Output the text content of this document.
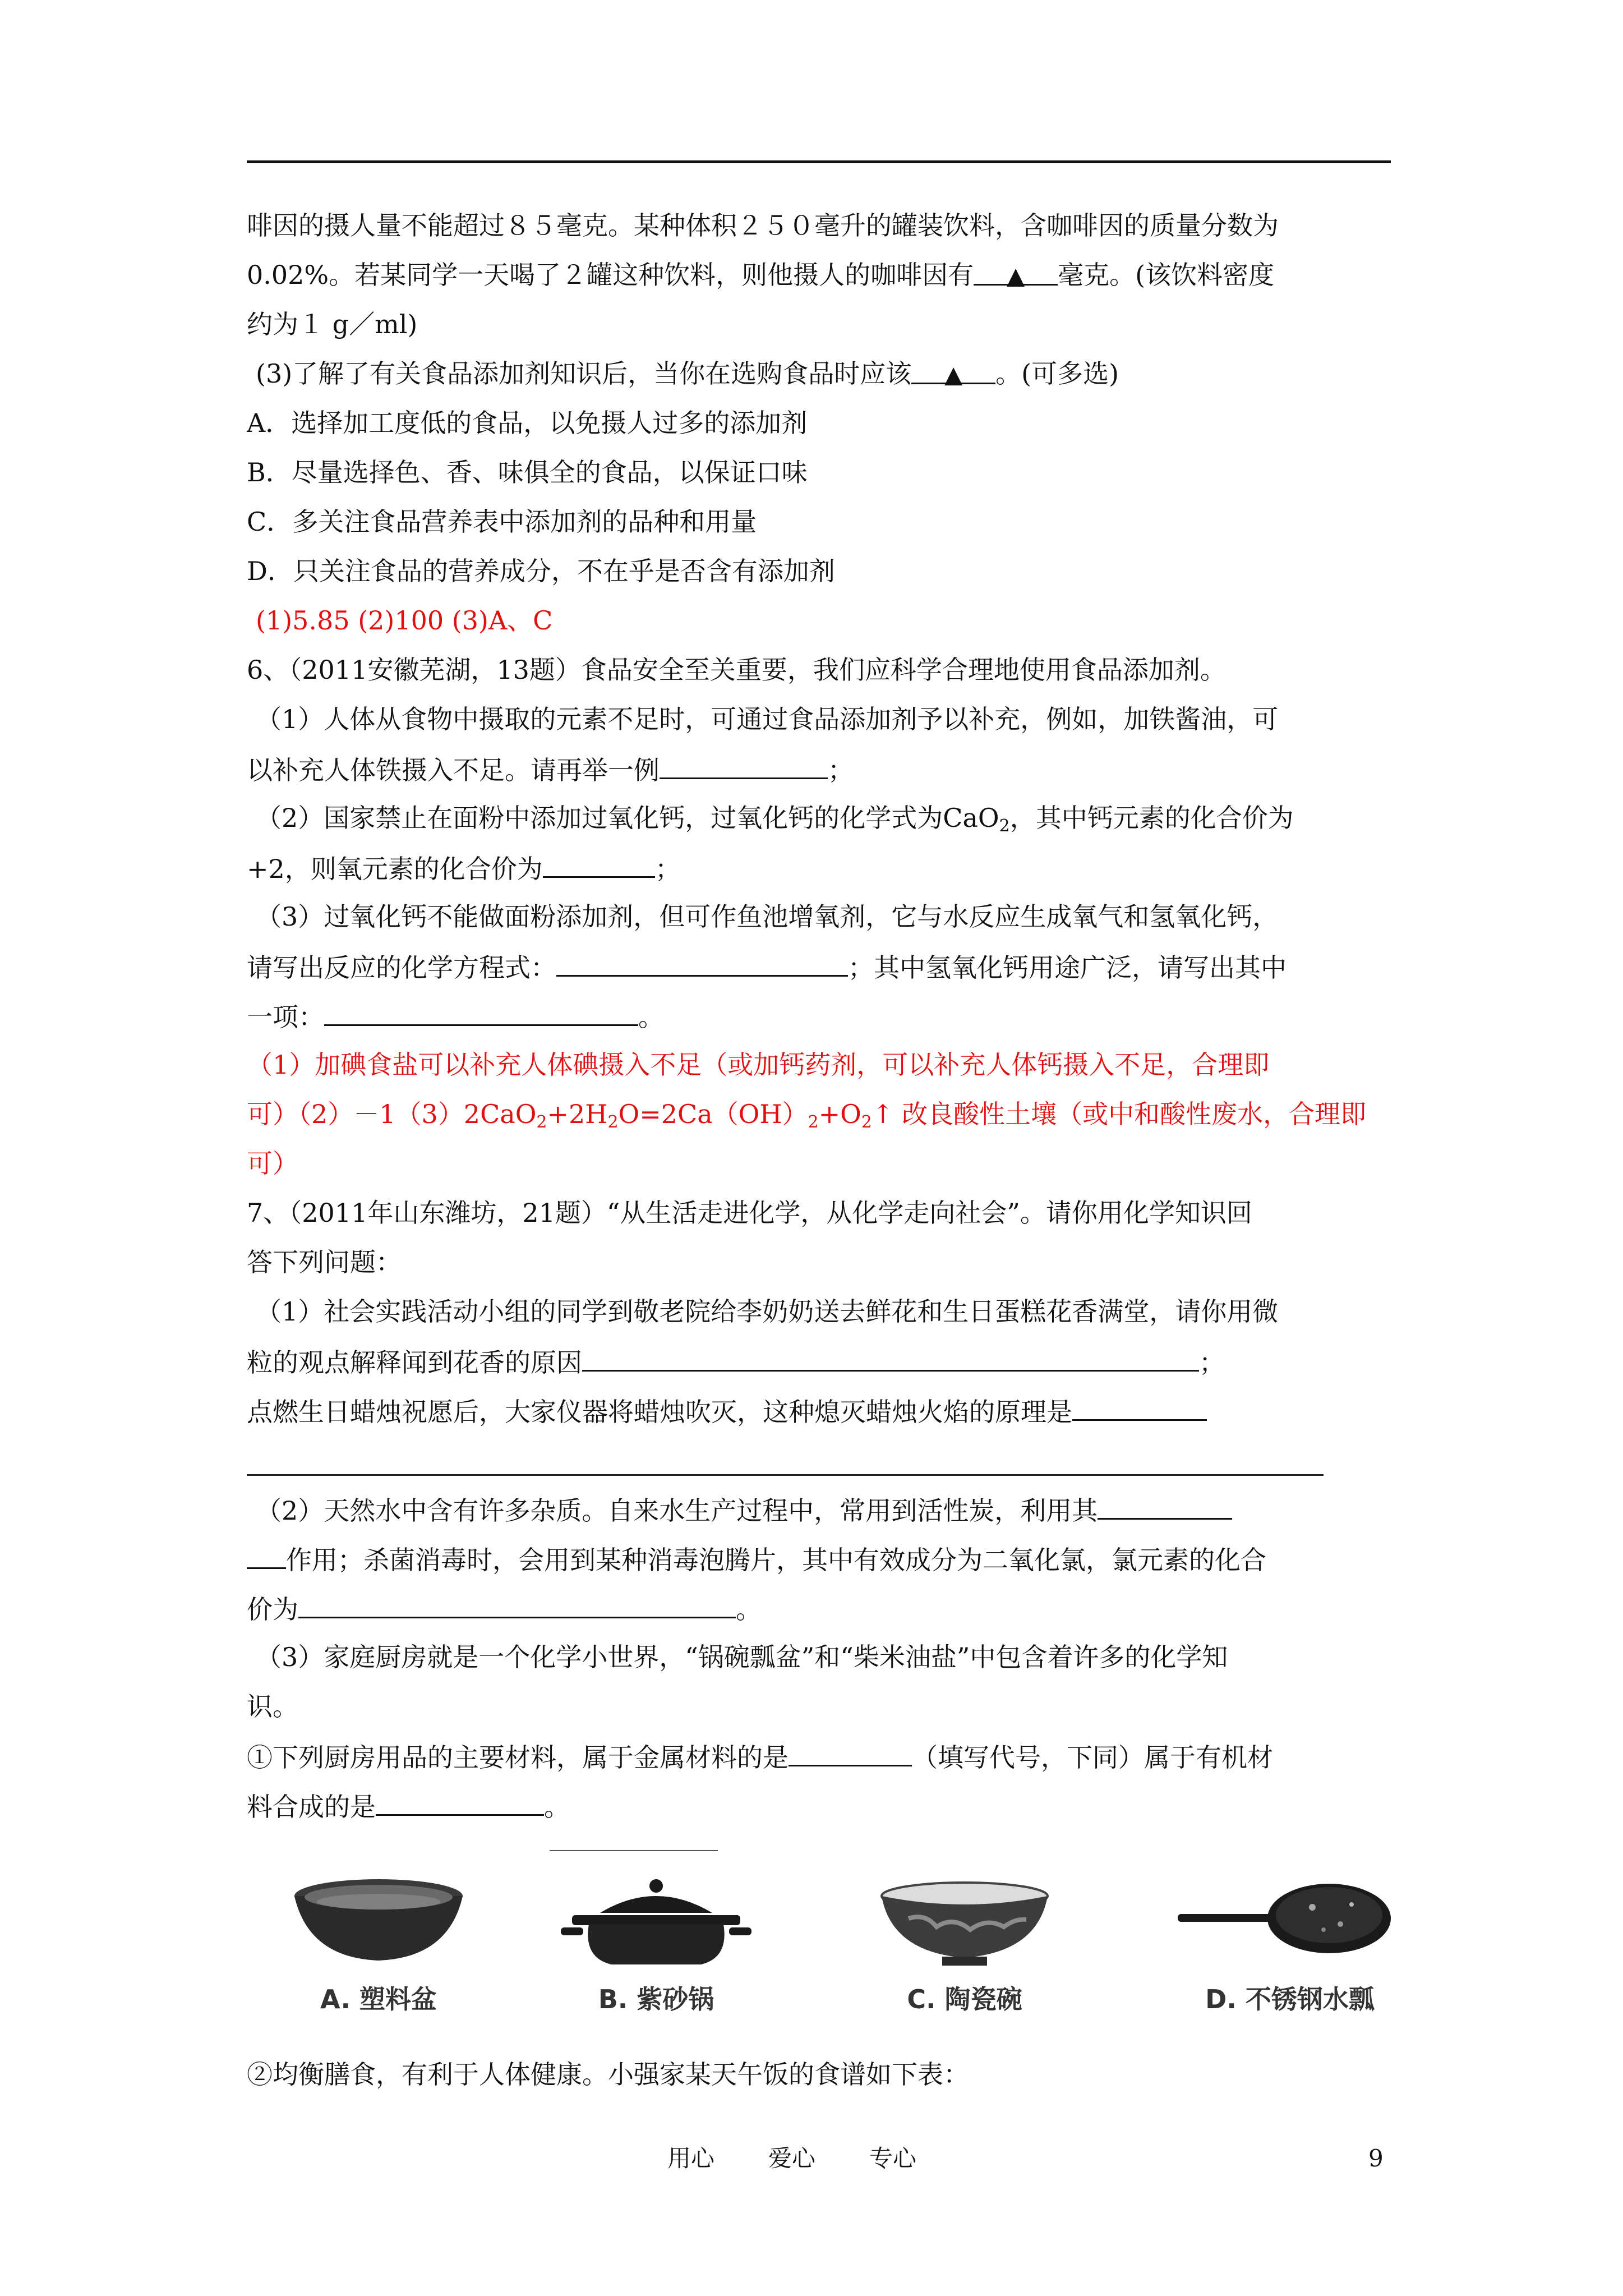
啡因的摄人量不能超过８５毫克。某种体积２５０毫升的罐装饮料，含咖啡因的质量分数为
0.02%。若某同学一天喝了２罐这种饮料，则他摄人的咖啡因有 ▲ 毫克。(该饮料密度
约为１ g／ml)
(3)了解了有关食品添加剂知识后，当你在选购食品时应该 ▲ 。(可多选)
A．选择加工度低的食品，以免摄人过多的添加剂
B．尽量选择色、香、味俱全的食品，以保证口味
C．多关注食品营养表中添加剂的品种和用量
D．只关注食品的营养成分，不在乎是否含有添加剂
(1)5.85 (2)100 (3)A、C
6、（2011安徽芜湖，13题）食品安全至关重要，我们应科学合理地使用食品添加剂。
（1）人体从食物中摄取的元素不足时，可通过食品添加剂予以补充，例如，加铁酱油，可
以补充人体铁摄入不足。请再举一例	；
（2）国家禁止在面粉中添加过氧化钙，过氧化钙的化学式为CaO$_2$，其中钙元素的化合价为
+2，则氧元素的化合价为	；
（3）过氧化钙不能做面粉添加剂，但可作鱼池增氧剂，它与水反应生成氧气和氢氧化钙，
请写出反应的化学方程式：	；其中氢氧化钙用途广泛，请写出其中
一项：	。
（1）加碘食盐可以补充人体碘摄入不足（或加钙药剂，可以补充人体钙摄入不足，合理即
可）$(2)-1(3)2CaO_2+2H_2O=2Ca(OH)_2+O_2↑$ 改良酸性土壤（或中和酸性废水，合理即
可）
7、（2011年山东潍坊，21题）“从生活走进化学，从化学走向社会”。请你用化学知识回
答下列问题：
（1）社会实践活动小组的同学到敬老院给李奶奶送去鲜花和生日蛋糕花香满堂，请你用微
粒的观点解释闻到花香的原因	；
点燃生日蜡烛祝愿后，大家仪器将蜡烛吹灭，这种熄灭蜡烛火焰的原理是
（2）天然水中含有许多杂质。自来水生产过程中，常用到活性炭，利用其
作用；杀菌消毒时，会用到某种消毒泡腾片，其中有效成分为二氧化氯，氯元素的化合
价为	。
（3）家庭厨房就是一个化学小世界，“锅碗瓢盆”和“柴米油盐”中包含着许多的化学知
识。
①下列厨房用品的主要材料，属于金属材料的是	（填写代号，下同）属于有机材
料合成的是	。
A. 塑料盆	B. 紫砂锅	C. 陶瓷碗	D. 不锈钢水瓢
②均衡膳食，有利于人体健康。小强家某天午饭的食谱如下表：
用心 爱心 专心	9
